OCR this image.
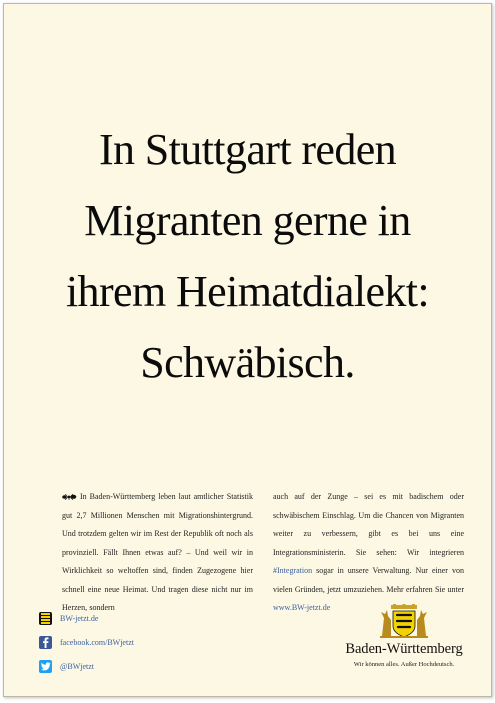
In Stuttgart reden
Migranten gerne in
ihrem Heimatdialekt:
Schwäbisch.
In Baden-Württemberg leben laut amtlicher Statistik gut 2,7 Millionen Menschen mit Migrationshintergrund. Und trotzdem gelten wir im Rest der Republik oft noch als provinziell. Fällt Ihnen etwas auf? – Und weil wir in Wirklichkeit so weltoffen sind, finden Zugezogene hier schnell eine neue Heimat. Und tragen diese nicht nur im Herzen, sondern
auch auf der Zunge – sei es mit badischem oder schwäbischem Einschlag. Um die Chancen von Migranten weiter zu verbessern, gibt es bei uns eine Integrationsministerin. Sie sehen: Wir integrieren #Integration sogar in unsere Verwaltung. Nur einer von vielen Gründen, jetzt umzuziehen. Mehr erfahren Sie unter www.BW-jetzt.de
BW-jetzt.de
facebook.com/BWjetzt
@BWjetzt
Baden-Württemberg
Wir können alles. Außer Hochdeutsch.
